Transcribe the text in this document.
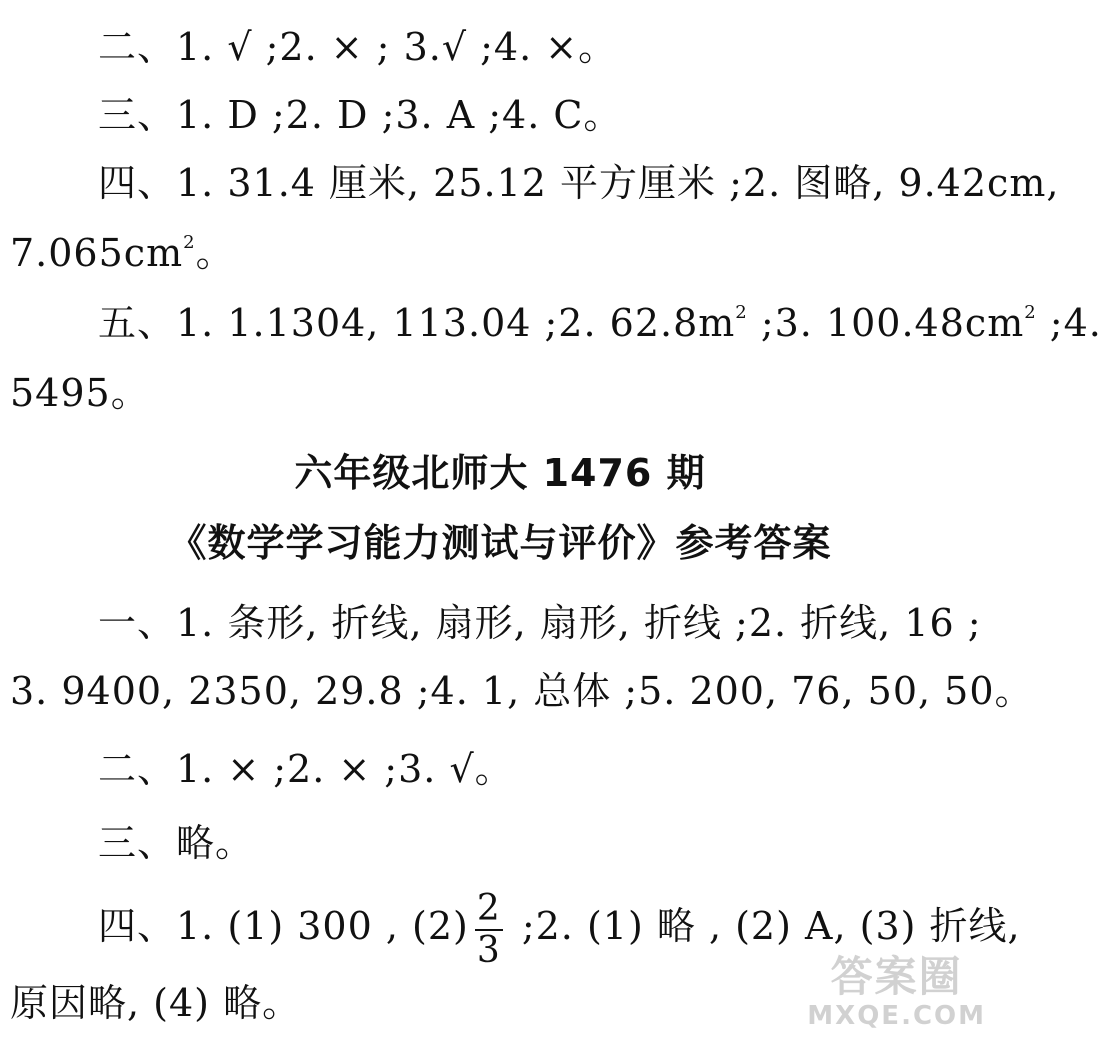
二、1. √ ;2. × ; 3.√ ;4. ×。
三、1. D ;2. D ;3. A ;4. C。
四、1. 31.4 厘米, 25.12 平方厘米 ;2. 图略, 9.42cm,
$7.065cm^2$。
五、1. 1.1304, 113.04 ;2. $62.8m^2$ ;3. $100.48cm^2$ ;4.
5495。
六年级北师大 1476 期
《数学学习能力测试与评价》参考答案
一、1. 条形, 折线, 扇形, 扇形, 折线 ;2. 折线, 16 ;
3. 9400, 2350, 29.8 ;4. 1, 总体 ;5. 200, 76, 50, 50。
二、1. × ;2. × ;3. √。
三、略。
四、1. (1) 300 , $(2) \frac{2}{3}$ ;2. (1) 略 , (2) A, (3) 折线,
原因略, (4) 略。
答案圈
MXQE.COM
